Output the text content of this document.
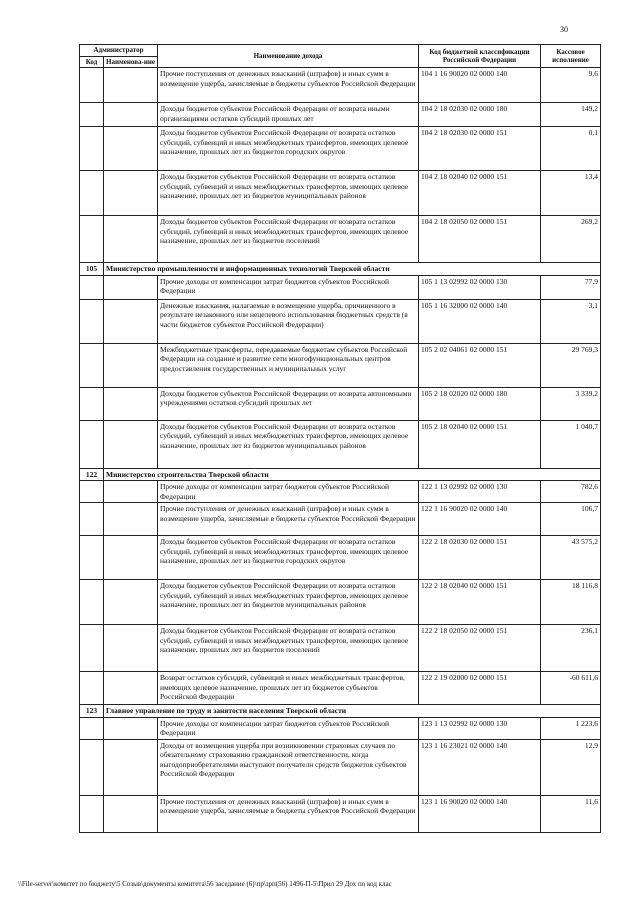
30
Администратор		Наименование дохода	Код бюджетной классификации Российской Федерации	Кассовое исполнение
Код	Наименова-ние			
		Прочие поступления от денежных взысканий (штрафов) и иных сумм в возмещение ущерба, зачисляемые в бюджеты субъектов Российской Федерации	104 1 16 90020 02 0000 140	9,6
		Доходы бюджетов субъектов Российской Федерации от возврата иными организациями остатков субсидий прошлых лет	104 2 18 02030 02 0000 180	149,2
		Доходы бюджетов субъектов Российской Федерации от возврата остатков субсидий, субвенций и иных межбюджетных трансфертов, имеющих целевое назначение, прошлых лет из бюджетов городских округов	104 2 18 02030 02 0000 151	0,1
		Доходы бюджетов субъектов Российской Федерации от возврата остатков субсидий, субвенций и иных межбюджетных трансфертов, имеющих целевое назначение, прошлых лет из бюджетов муниципальных районов	104 2 18 02040 02 0000 151	13,4
		Доходы бюджетов субъектов Российской Федерации от возврата остатков субсидий, субвенций и иных межбюджетных трансфертов, имеющих целевое назначение, прошлых лет из бюджетов поселений	104 2 18 02050 02 0000 151	269,2
105	Министерство промышленности и информационных технологий Тверской области			
		Прочие доходы от компенсации затрат бюджетов субъектов Российской Федерации	105 1 13 02992 02 0000 130	77,9
		Денежные взыскания, налагаемые в возмещение ущерба, причиненного в результате незаконного или нецелевого использования бюджетных средств (в части бюджетов субъектов Российской Федерации)	105 1 16 32000 02 0000 140	3,1
		Межбюджетные трансферты, передаваемые бюджетам субъектов Российской Федерации на создание и развитие сети многофункциональных центров предоставления государственных и муниципальных услуг	105 2 02 04061 02 0000 151	29 769,3
		Доходы бюджетов субъектов Российской Федерации от возврата автономными учреждениями остатков субсидий прошлых лет	105 2 18 02020 02 0000 180	3 339,2
		Доходы бюджетов субъектов Российской Федерации от возврата остатков субсидий, субвенций и иных межбюджетных трансфертов, имеющих целевое назначение, прошлых лет из бюджетов муниципальных районов	105 2 18 02040 02 0000 151	1 040,7
122	Министерство строительства Тверской области			
		Прочие доходы от компенсации затрат бюджетов субъектов Российской Федерации	122 1 13 02992 02 0000 130	782,6
		Прочие поступления от денежных взысканий (штрафов) и иных сумм в возмещение ущерба, зачисляемые в бюджеты субъектов Российской Федерации	122 1 16 90020 02 0000 140	106,7
		Доходы бюджетов субъектов Российской Федерации от возврата остатков субсидий, субвенций и иных межбюджетных трансфертов, имеющих целевое назначение, прошлых лет из бюджетов городских округов	122 2 18 02030 02 0000 151	43 575,2
		Доходы бюджетов субъектов Российской Федерации от возврата остатков субсидий, субвенций и иных межбюджетных трансфертов, имеющих целевое назначение, прошлых лет из бюджетов муниципальных районов	122 2 18 02040 02 0000 151	18 116,8
		Доходы бюджетов субъектов Российской Федерации от возврата остатков субсидий, субвенций и иных межбюджетных трансфертов, имеющих целевое назначение, прошлых лет из бюджетов поселений	122 2 18 02050 02 0000 151	236,1
		Возврат остатков субсидий, субвенций и иных межбюджетных трансфертов, имеющих целевое назначение, прошлых лет из бюджетов субъектов Российской Федерации	122 2 19 02000 02 0000 151	-60 611,6
123	Главное управление по труду и занятости населения Тверской области			
		Прочие доходы от компенсации затрат бюджетов субъектов Российской Федерации	123 1 13 02992 02 0000 130	1 223,6
		Доходы от возмещения ущерба при возникновении страховых случаев по обязательному страхованию гражданской ответственности, когда выгодоприобретателями выступают получатели средств бюджетов субъектов Российской Федерации	123 1 16 23021 02 0000 140	12,9
		Прочие поступления от денежных взысканий (штрафов) и иных сумм в возмещение ущерба, зачисляемые в бюджеты субъектов Российской Федерации	123 1 16 90020 02 0000 140	11,6
\\File-server\комитет по бюджету\5 Созыв\документы комитета\56 заседание (6)\пр\зрп(56) 1496-П-5\Прил 29 Дох по код клас
